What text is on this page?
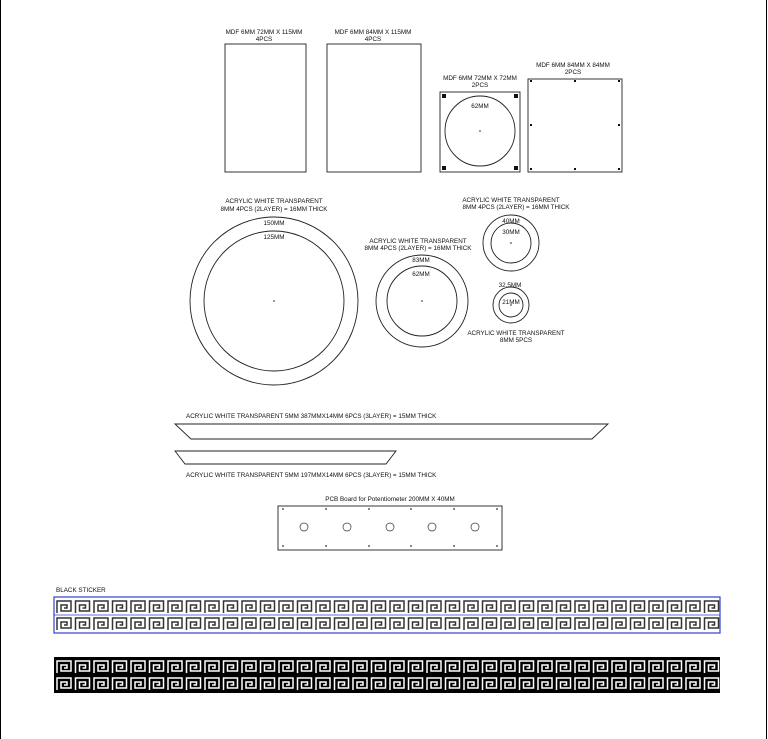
MDF 6MM 72MM X 115MM
4PCS
MDF 6MM 84MM X 115MM
4PCS
MDF 6MM 72MM X 72MM
2PCS
62MM
MDF 6MM 84MM X 84MM
2PCS
ACRYLIC WHITE TRANSPARENT
8MM 4PCS (2LAYER) = 16MM THICK
150MM
125MM
ACRYLIC WHITE TRANSPARENT
8MM 4PCS (2LAYER) = 16MM THICK
83MM
62MM
ACRYLIC WHITE TRANSPARENT
8MM 4PCS (2LAYER) = 16MM THICK
40MM
30MM
32.5MM
21MM
ACRYLIC WHITE TRANSPARENT
8MM 5PCS
ACRYLIC WHITE TRANSPARENT 5MM 387MMX14MM 6PCS (3LAYER) = 15MM THICK
ACRYLIC WHITE TRANSPARENT 5MM 197MMX14MM 6PCS (3LAYER) = 15MM THICK
PCB Board for Potentiometer 200MM X 40MM
BLACK STICKER
